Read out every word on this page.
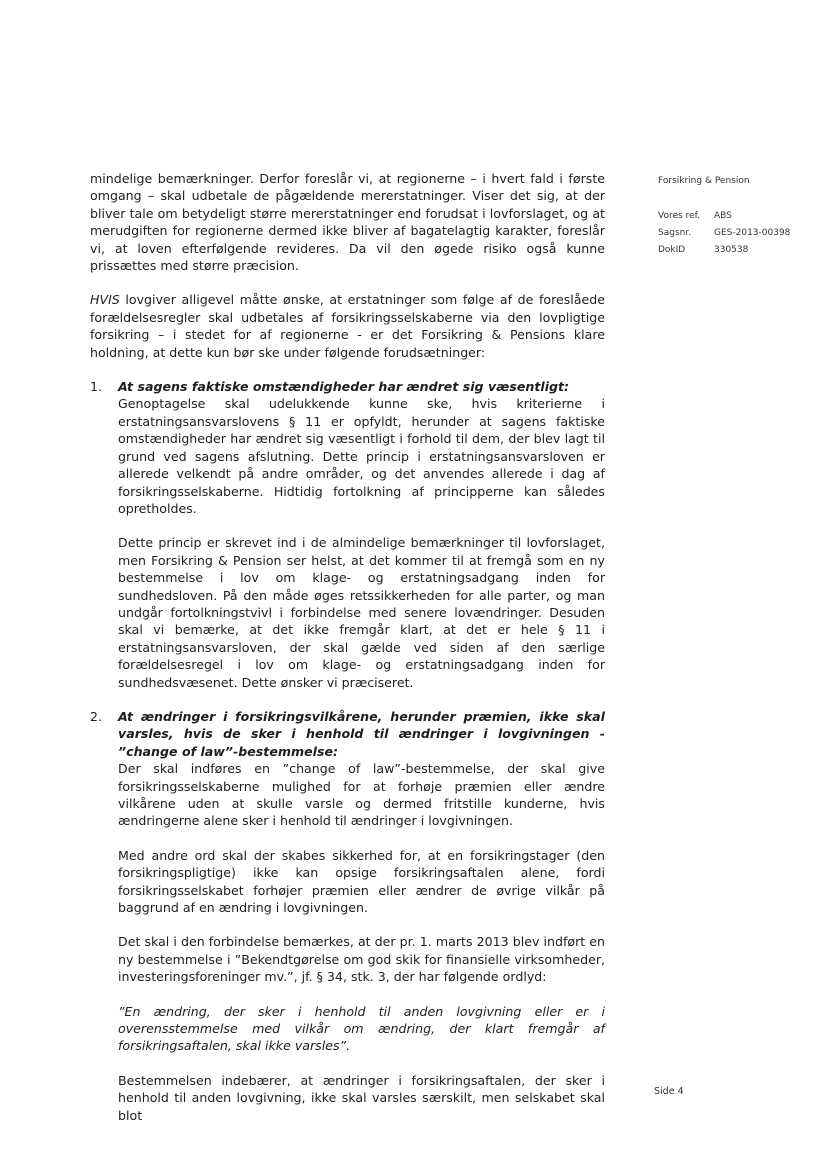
Forsikring & Pension
Vores ref.	ABS
Sagsnr.	GES-2013-00398
DokID	330538

mindelige bemærkninger. Derfor foreslår vi, at regionerne – i hvert fald i første omgang – skal udbetale de pågældende mererstatninger. Viser det sig, at der bliver tale om betydeligt større mererstatninger end forudsat i lovforslaget, og at merudgiften for regionerne dermed ikke bliver af bagatelagtig karakter, foreslår vi, at loven efterfølgende revideres. Da vil den øgede risiko også kunne prissættes med større præcision.

HVIS lovgiver alligevel måtte ønske, at erstatninger som følge af de foreslåede forældelsesregler skal udbetales af forsikringsselskaberne via den lovpligtige forsikring – i stedet for af regionerne - er det Forsikring & Pensions klare holdning, at dette kun bør ske under følgende forudsætninger:

1. At sagens faktiske omstændigheder har ændret sig væsentligt:

Genoptagelse skal udelukkende kunne ske, hvis kriterierne i erstatningsansvarslovens § 11 er opfyldt, herunder at sagens faktiske omstændigheder har ændret sig væsentligt i forhold til dem, der blev lagt til grund ved sagens afslutning. Dette princip i erstatningsansvarsloven er allerede velkendt på andre områder, og det anvendes allerede i dag af forsikringsselskaberne. Hidtidig fortolkning af principperne kan således opretholdes.

Dette princip er skrevet ind i de almindelige bemærkninger til lovforslaget, men Forsikring & Pension ser helst, at det kommer til at fremgå som en ny bestemmelse i lov om klage- og erstatningsadgang inden for sundhedsloven. På den måde øges retssikkerheden for alle parter, og man undgår fortolkningstvivl i forbindelse med senere lovændringer. Desuden skal vi bemærke, at det ikke fremgår klart, at det er hele § 11 i erstatningsansvarsloven, der skal gælde ved siden af den særlige forældelsesregel i lov om klage- og erstatningsadgang inden for sundhedsvæsenet. Dette ønsker vi præciseret.

2. At ændringer i forsikringsvilkårene, herunder præmien, ikke skal varsles, hvis de sker i henhold til ændringer i lovgivningen - ”change of law”-bestemmelse:

Der skal indføres en ”change of law”-bestemmelse, der skal give forsikringsselskaberne mulighed for at forhøje præmien eller ændre vilkårene uden at skulle varsle og dermed fritstille kunderne, hvis ændringerne alene sker i henhold til ændringer i lovgivningen.

Med andre ord skal der skabes sikkerhed for, at en forsikringstager (den forsikringspligtige) ikke kan opsige forsikringsaftalen alene, fordi forsikringsselskabet forhøjer præmien eller ændrer de øvrige vilkår på baggrund af en ændring i lovgivningen.

Det skal i den forbindelse bemærkes, at der pr. 1. marts 2013 blev indført en ny bestemmelse i ”Bekendtgørelse om god skik for finansielle virksomheder, investeringsforeninger mv.”, jf. § 34, stk. 3, der har følgende ordlyd:

”En ændring, der sker i henhold til anden lovgivning eller er i overensstemmelse med vilkår om ændring, der klart fremgår af forsikringsaftalen, skal ikke varsles”.

Bestemmelsen indebærer, at ændringer i forsikringsaftalen, der sker i henhold til anden lovgivning, ikke skal varsles særskilt, men selskabet skal blot

Side 4
